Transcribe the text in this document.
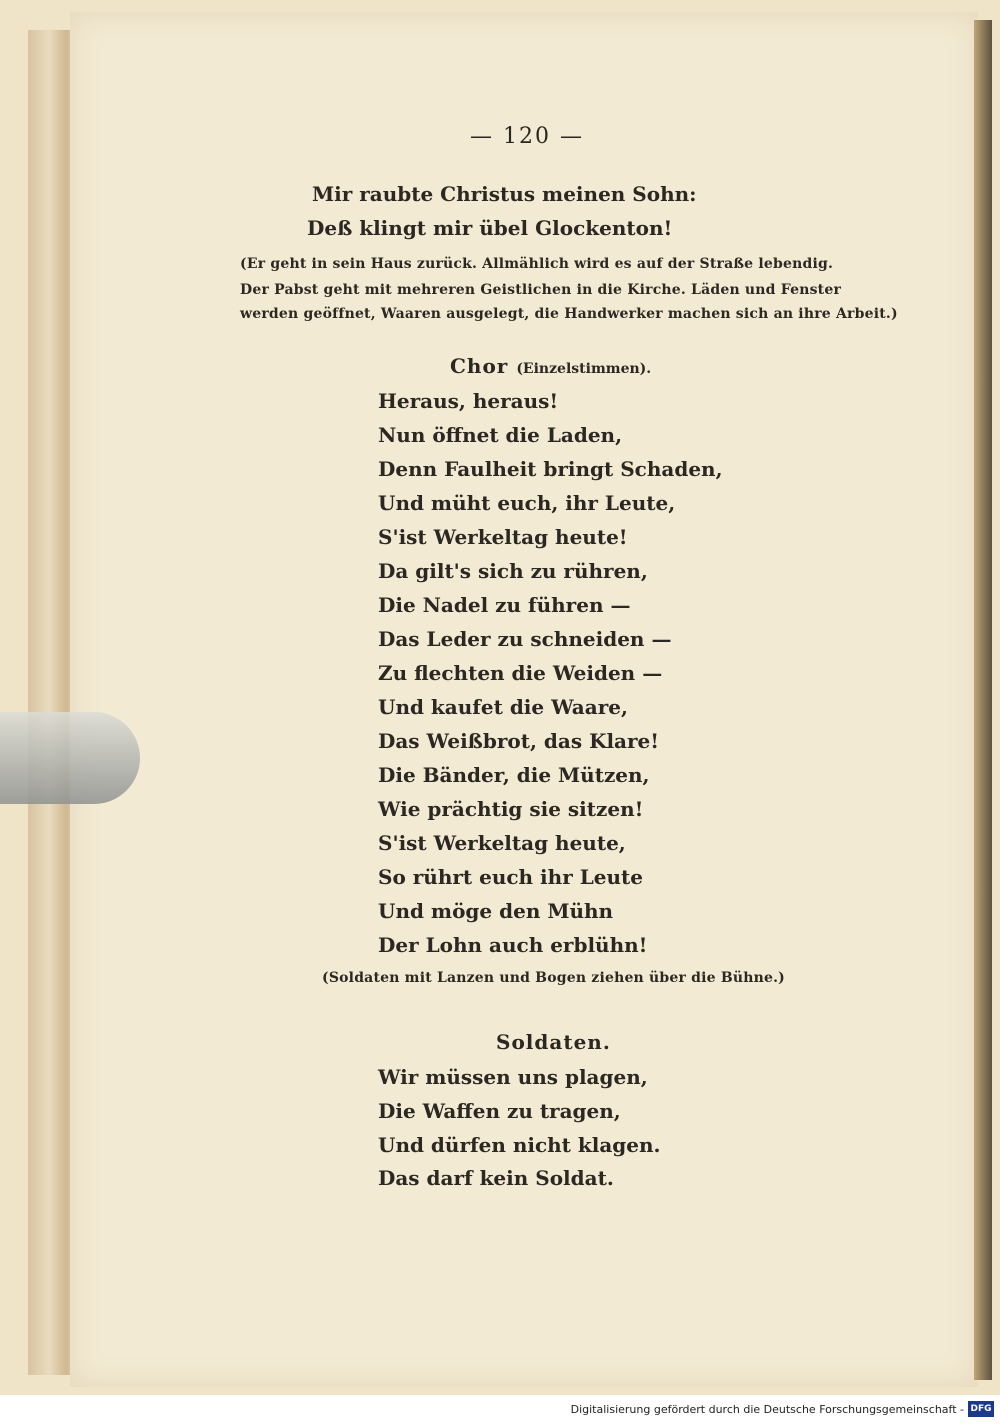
— 120 —
Mir raubte Christus meinen Sohn:
Deß klingt mir übel Glockenton!
(Er geht in sein Haus zurück. Allmählich wird es auf der Straße lebendig.
Der Pabst geht mit mehreren Geistlichen in die Kirche. Läden und Fenster
werden geöffnet, Waaren ausgelegt, die Handwerker machen sich an ihre Arbeit.)
Chor (Einzelstimmen).
Heraus, heraus!
Nun öffnet die Laden,
Denn Faulheit bringt Schaden,
Und müht euch, ihr Leute,
S'ist Werkeltag heute!
Da gilt's sich zu rühren,
Die Nadel zu führen —
Das Leder zu schneiden —
Zu flechten die Weiden —
Und kaufet die Waare,
Das Weißbrot, das Klare!
Die Bänder, die Mützen,
Wie prächtig sie sitzen!
S'ist Werkeltag heute,
So rührt euch ihr Leute
Und möge den Mühn
Der Lohn auch erblühn!
(Soldaten mit Lanzen und Bogen ziehen über die Bühne.)
Soldaten.
Wir müssen uns plagen,
Die Waffen zu tragen,
Und dürfen nicht klagen.
Das darf kein Soldat.
Digitalisierung gefördert durch die Deutsche Forschungsgemeinschaft - DFG
